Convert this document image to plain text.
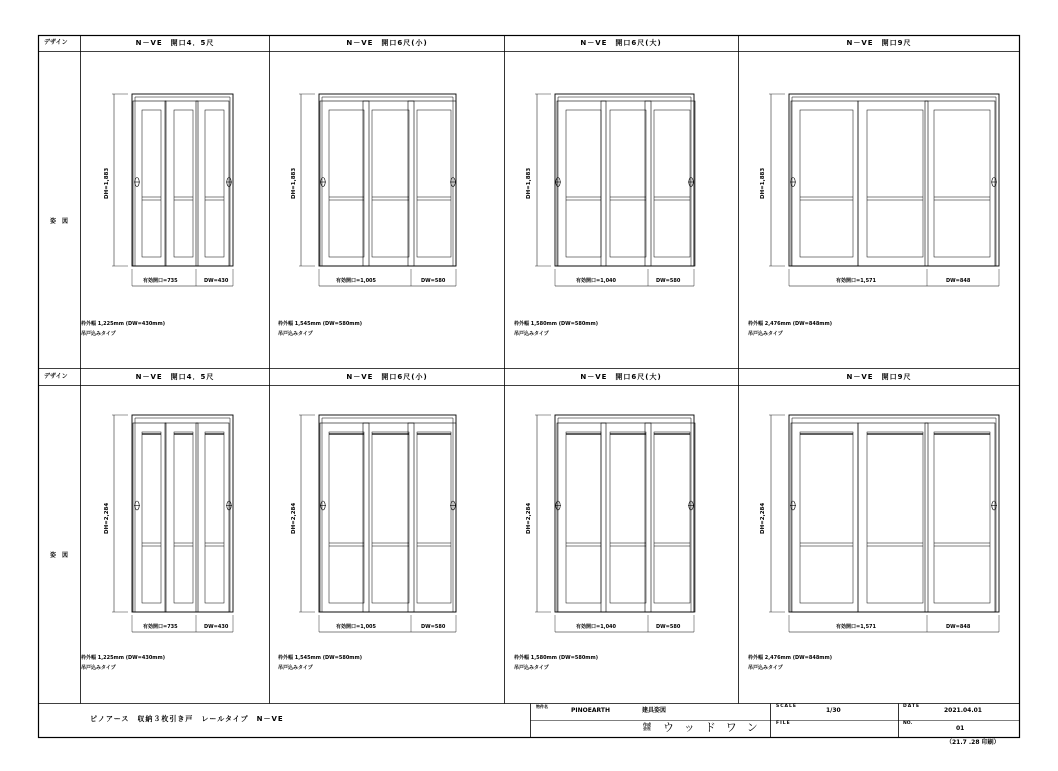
デザイン
姿　図
デザイン
姿　図
N－VE　開口4．5尺	N－VE　開口6尺(小)	N－VE　開口6尺(大)	N－VE　開口9尺
N－VE　開口4．5尺	N－VE　開口6尺(小)	N－VE　開口6尺(大)	N－VE　開口9尺
DH=1,883	DH=1,883	DH=1,883	DH=1,883
DH=2,284	DH=2,284	DH=2,284	DH=2,284
有効開口=735	DW=430	有効開口=1,005	DW=580	有効開口=1,040	DW=580	有効開口=1,571	DW=848
有効開口=735	DW=430	有効開口=1,005	DW=580	有効開口=1,040	DW=580	有効開口=1,571	DW=848
枠外幅 1,225mm (DW=430mm)
吊戸込みタイプ
枠外幅 1,545mm (DW=580mm)
吊戸込みタイプ
枠外幅 1,580mm (DW=580mm)
吊戸込みタイプ
枠外幅 2,476mm (DW=848mm)
吊戸込みタイプ
枠外幅 1,225mm (DW=430mm)
吊戸込みタイプ
枠外幅 1,545mm (DW=580mm)
吊戸込みタイプ
枠外幅 1,580mm (DW=580mm)
吊戸込みタイプ
枠外幅 2,476mm (DW=848mm)
吊戸込みタイプ
ピノアース　収納３枚引き戸　レールタイプ　N－VE
物件名
PINOEARTH	建具姿図
作成 会社	ウッドワン
SCALE
1/30
FILE
DATE
2021.04.01
NO.
01
（21.7 .28 印刷）
